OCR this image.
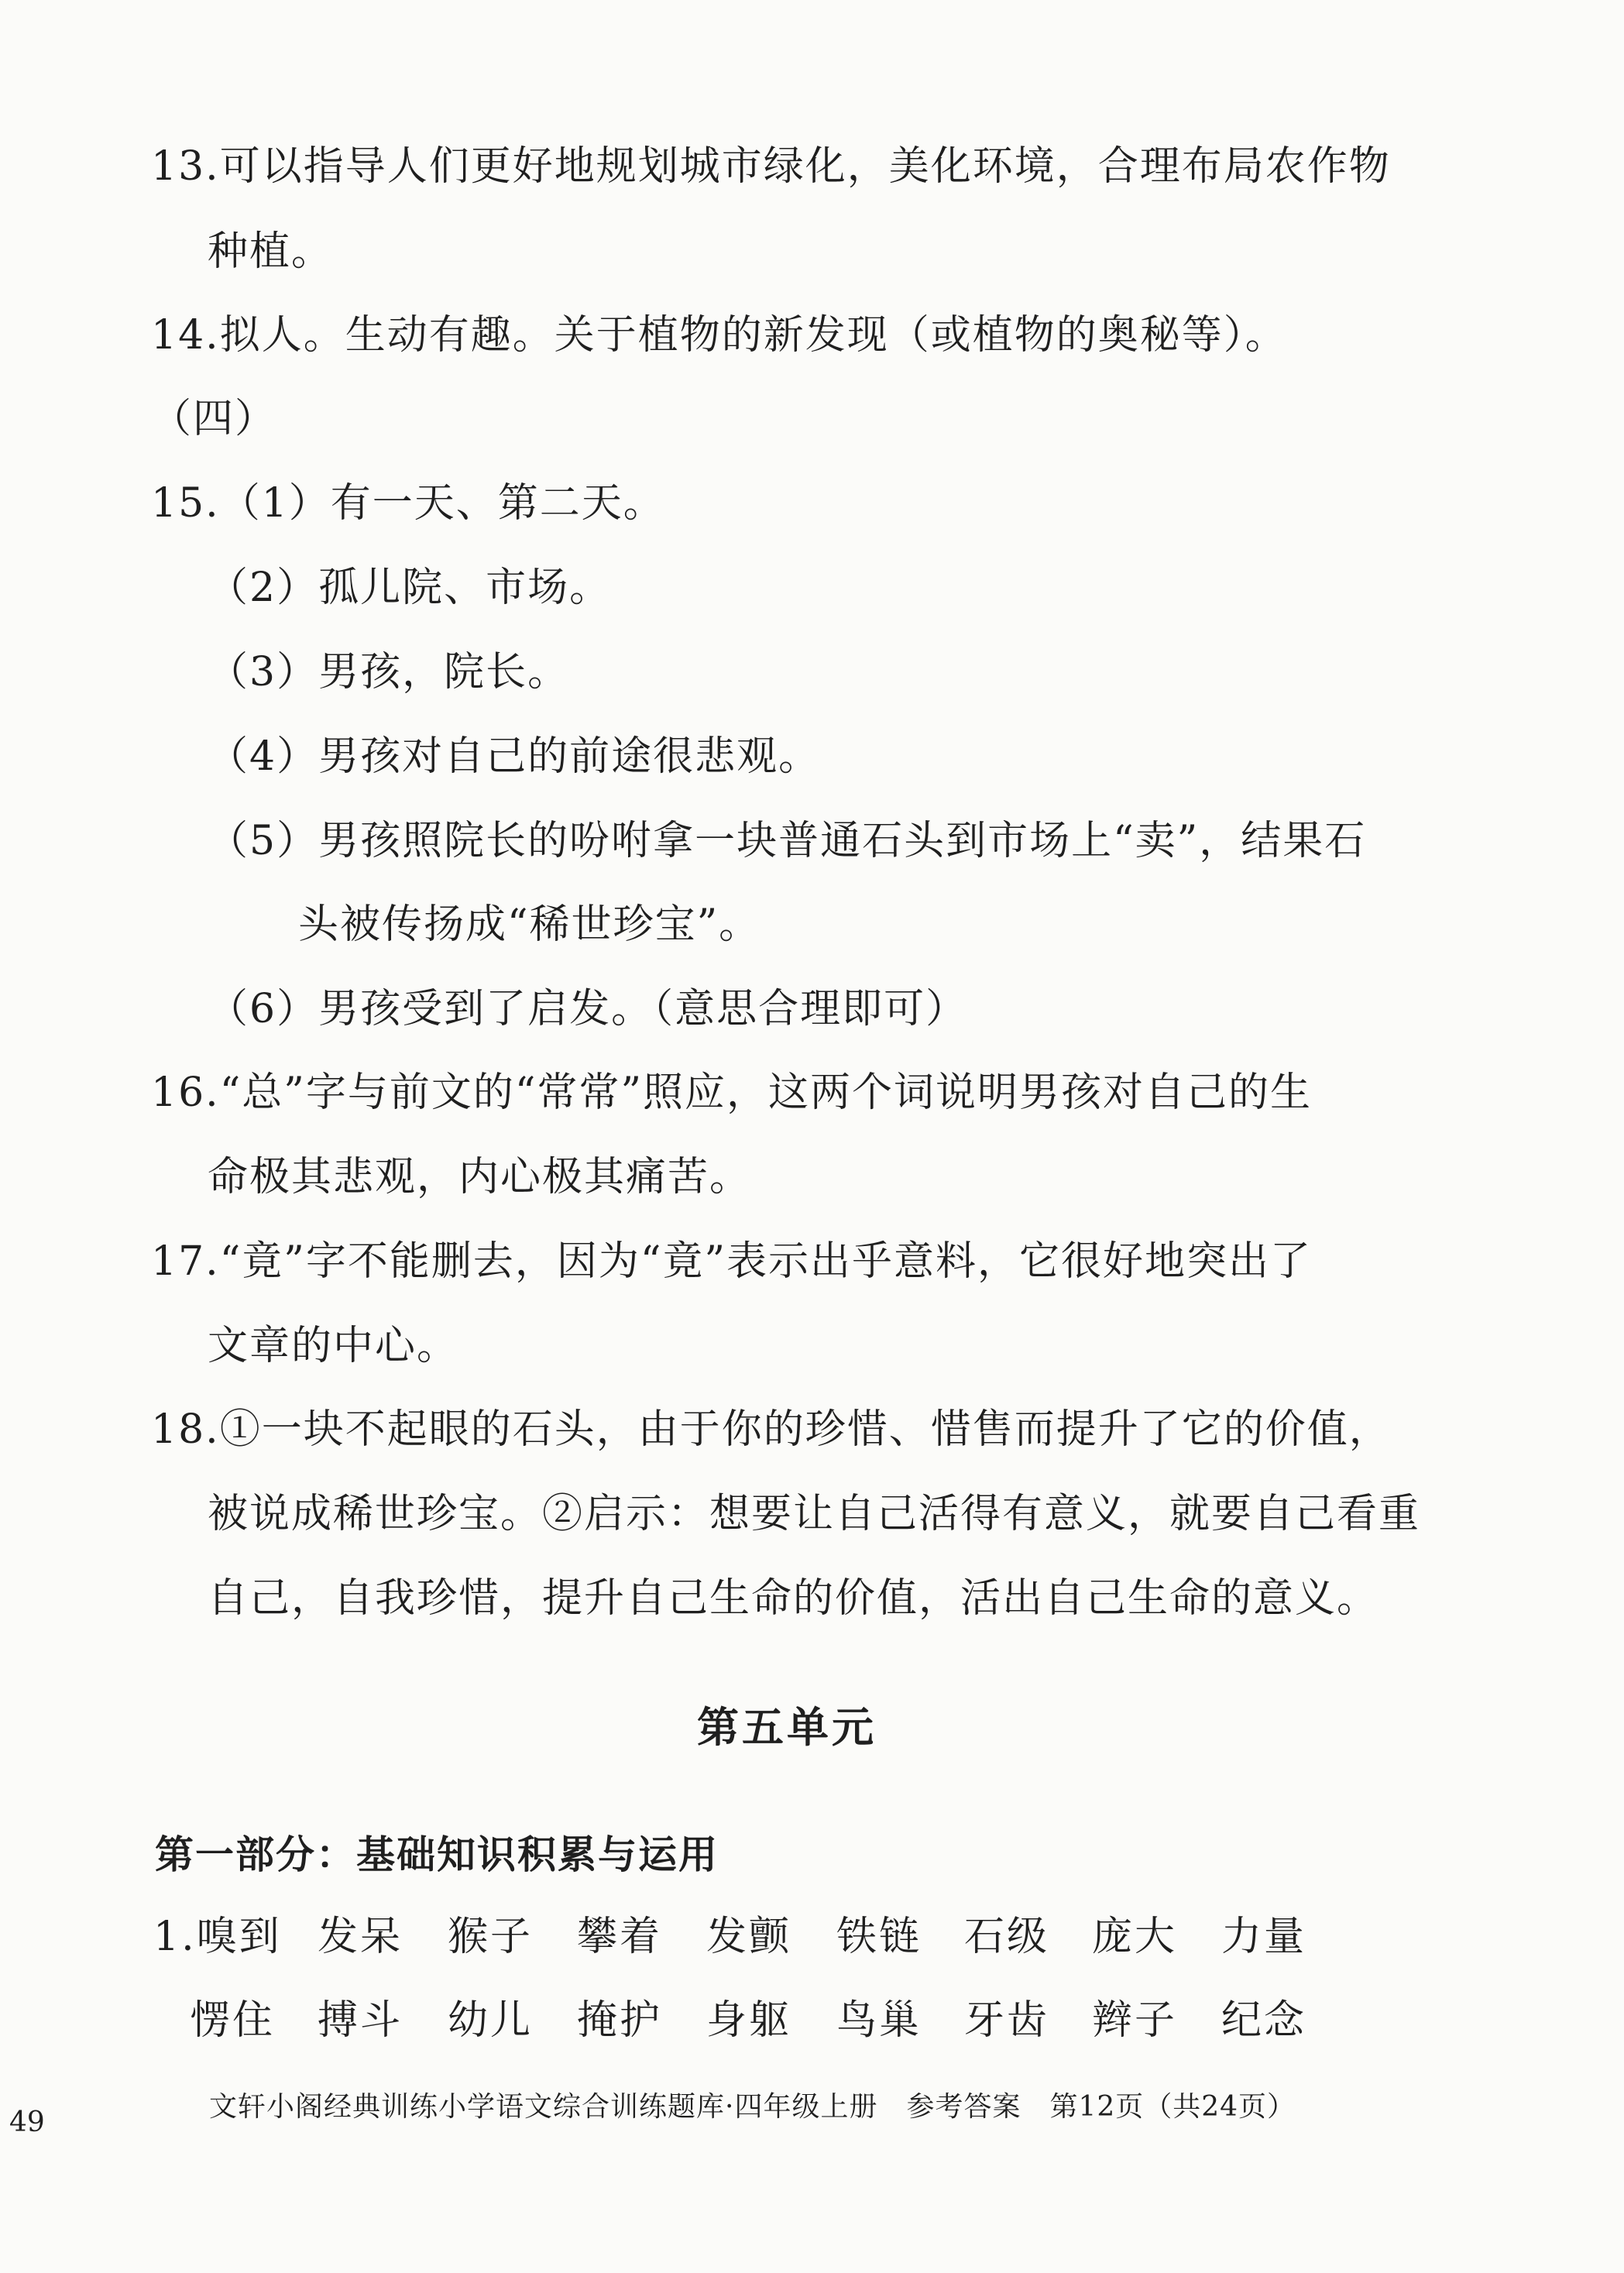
13.可以指导人们更好地规划城市绿化，美化环境，合理布局农作物
种植。
14.拟人。生动有趣。关于植物的新发现（或植物的奥秘等）。
（四）
15.（1）有一天、第二天。
（2）孤儿院、市场。
（3）男孩，院长。
（4）男孩对自己的前途很悲观。
（5）男孩照院长的吩咐拿一块普通石头到市场上“卖”，结果石
头被传扬成“稀世珍宝”。
（6）男孩受到了启发。（意思合理即可）
16.“总”字与前文的“常常”照应，这两个词说明男孩对自己的生
命极其悲观，内心极其痛苦。
17.“竟”字不能删去，因为“竟”表示出乎意料，它很好地突出了
文章的中心。
18.①一块不起眼的石头，由于你的珍惜、惜售而提升了它的价值，
被说成稀世珍宝。②启示：想要让自己活得有意义，就要自己看重
自己，自我珍惜，提升自己生命的价值，活出自己生命的意义。
第五单元
第一部分：基础知识积累与运用
1.嗅到 发呆 猴子 攀着 发颤 铁链 石级 庞大 力量
愣住 搏斗 幼儿 掩护 身躯 鸟巢 牙齿 辫子 纪念
49	文轩小阁经典训练小学语文综合训练题库·四年级上册　参考答案　第12页（共24页）
